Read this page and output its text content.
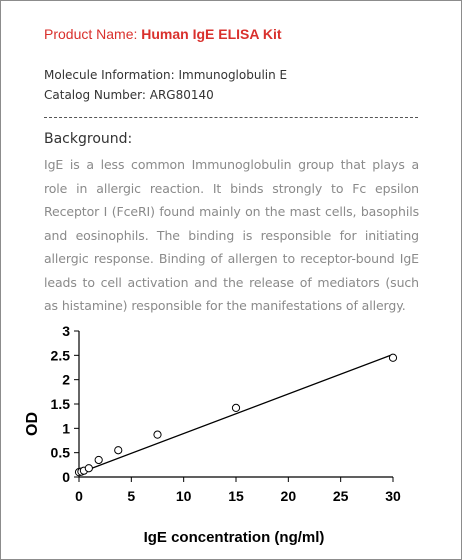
Product Name: Human IgE ELISA Kit
Molecule Information: Immunoglobulin E
Catalog Number: ARG80140
Background:
IgE is a less common Immunoglobulin group that plays a role in allergic reaction. It binds strongly to Fc epsilon Receptor I (FceRI) found mainly on the mast cells, basophils and eosinophils. The binding is responsible for initiating allergic response. Binding of allergen to receptor-bound IgE leads to cell activation and the release of mediators (such as histamine) responsible for the manifestations of allergy.
0
0.5
1
1.5
2
2.5
3
0	5	10	15	20	25	30
OD
IgE concentration (ng/ml)
